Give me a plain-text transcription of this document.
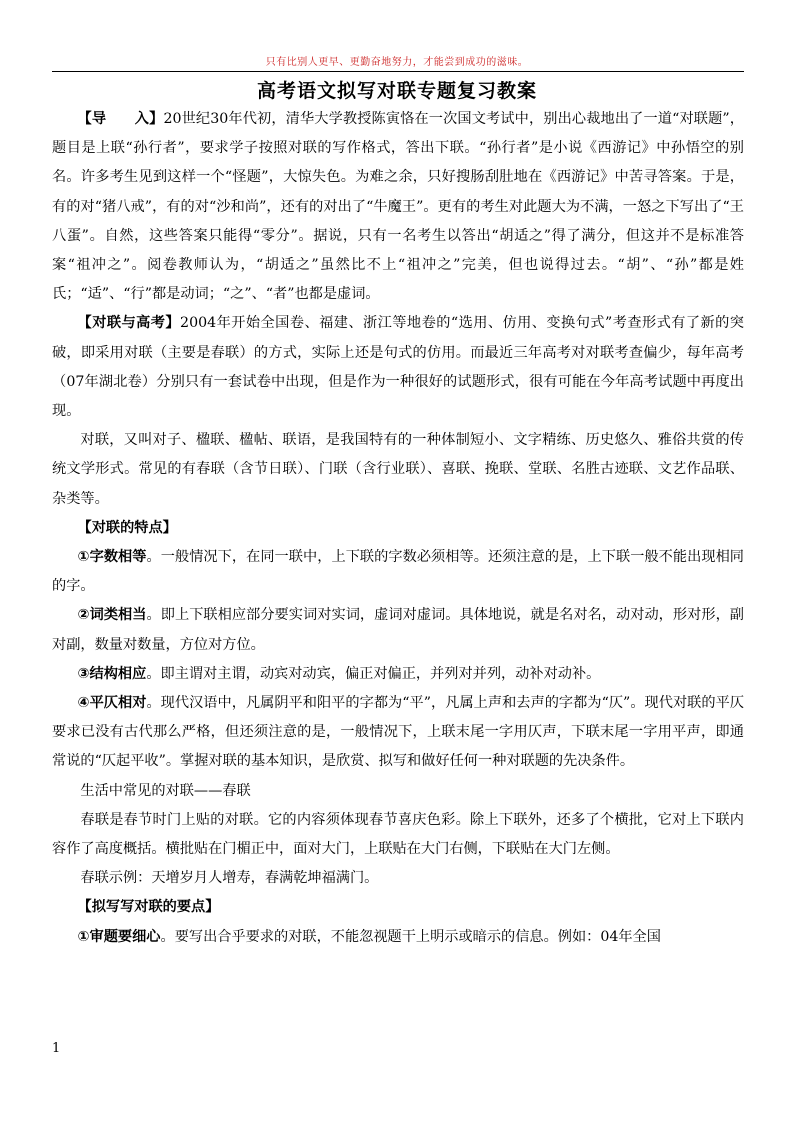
只有比别人更早、更勤奋地努力，才能尝到成功的滋味。
高考语文拟写对联专题复习教案

【导　　入】20世纪30年代初，清华大学教授陈寅恪在一次国文考试中，别出心裁地出了一道“对联题”，题目是上联“孙行者”，要求学子按照对联的写作格式，答出下联。“孙行者”是小说《西游记》中孙悟空的别名。许多考生见到这样一个“怪题”，大惊失色。为难之余，只好搜肠刮肚地在《西游记》中苦寻答案。于是，有的对“猪八戒”，有的对“沙和尚”，还有的对出了“牛魔王”。更有的考生对此题大为不满，一怒之下写出了“王八蛋”。自然，这些答案只能得“零分”。据说，只有一名考生以答出“胡适之”得了满分，但这并不是标准答案“祖冲之”。阅卷教师认为，“胡适之”虽然比不上“祖冲之”完美，但也说得过去。“胡”、“孙”都是姓氏；“适”、“行”都是动词；“之”、“者”也都是虚词。

【对联与高考】2004年开始全国卷、福建、浙江等地卷的“选用、仿用、变换句式”考查形式有了新的突破，即采用对联（主要是春联）的方式，实际上还是句式的仿用。而最近三年高考对对联考查偏少，每年高考（07年湖北卷）分别只有一套试卷中出现，但是作为一种很好的试题形式，很有可能在今年高考试题中再度出现。

对联，又叫对子、楹联、楹帖、联语，是我国特有的一种体制短小、文字精练、历史悠久、雅俗共赏的传统文学形式。常见的有春联（含节日联）、门联（含行业联）、喜联、挽联、堂联、名胜古迹联、文艺作品联、杂类等。

【对联的特点】

①字数相等。一般情况下，在同一联中，上下联的字数必须相等。还须注意的是，上下联一般不能出现相同的字。

②词类相当。即上下联相应部分要实词对实词，虚词对虚词。具体地说，就是名对名，动对动，形对形，副对副，数量对数量，方位对方位。

③结构相应。即主谓对主谓，动宾对动宾，偏正对偏正，并列对并列，动补对动补。

④平仄相对。现代汉语中，凡属阴平和阳平的字都为“平”，凡属上声和去声的字都为“仄”。现代对联的平仄要求已没有古代那么严格，但还须注意的是，一般情况下，上联末尾一字用仄声，下联末尾一字用平声，即通常说的“仄起平收”。掌握对联的基本知识，是欣赏、拟写和做好任何一种对联题的先决条件。

生活中常见的对联——春联

春联是春节时门上贴的对联。它的内容须体现春节喜庆色彩。除上下联外，还多了个横批，它对上下联内容作了高度概括。横批贴在门楣正中，面对大门，上联贴在大门右侧，下联贴在大门左侧。

春联示例：天增岁月人增寿，春满乾坤福满门。

【拟写写对联的要点】

①审题要细心。要写出合乎要求的对联，不能忽视题干上明示或暗示的信息。例如：04年全国

1
